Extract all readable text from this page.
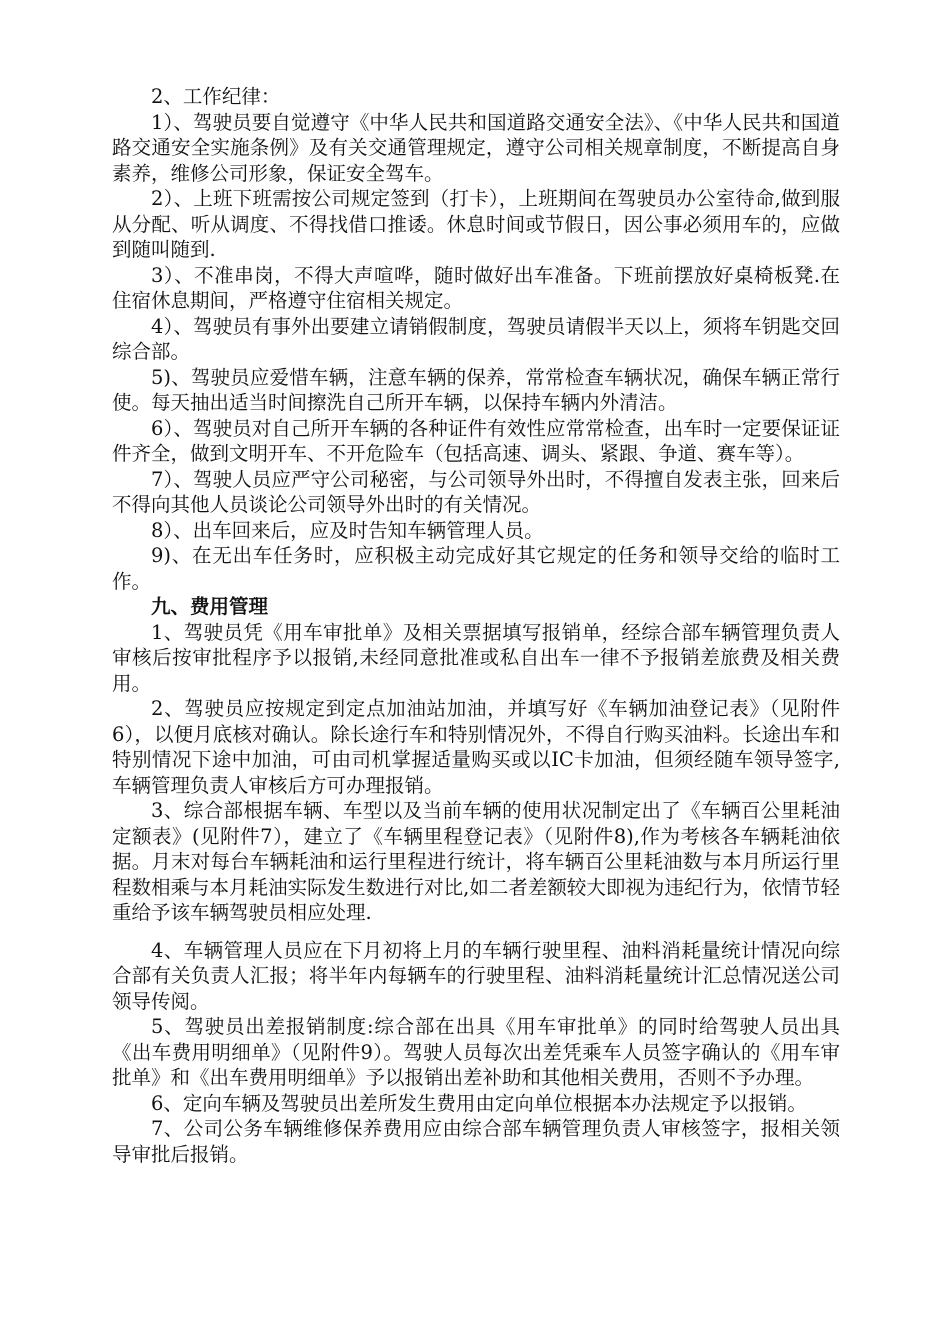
2、工作纪律：

1）、驾驶员要自觉遵守《中华人民共和国道路交通安全法》、《中华人民共和国道路交通安全实施条例》及有关交通管理规定，遵守公司相关规章制度，不断提高自身素养，维修公司形象，保证安全驾车。

2）、上班下班需按公司规定签到（打卡），上班期间在驾驶员办公室待命,做到服从分配、听从调度、不得找借口推诿。休息时间或节假日，因公事必须用车的，应做到随叫随到.

3）、不准串岗，不得大声喧哗，随时做好出车准备。下班前摆放好桌椅板凳.在住宿休息期间，严格遵守住宿相关规定。

4）、驾驶员有事外出要建立请销假制度，驾驶员请假半天以上，须将车钥匙交回综合部。

5)、驾驶员应爱惜车辆，注意车辆的保养，常常检查车辆状况，确保车辆正常行使。每天抽出适当时间擦洗自己所开车辆，以保持车辆内外清洁。

6）、驾驶员对自己所开车辆的各种证件有效性应常常检查，出车时一定要保证证件齐全，做到文明开车、不开危险车（包括高速、调头、紧跟、争道、赛车等）。

7）、驾驶人员应严守公司秘密，与公司领导外出时，不得擅自发表主张，回来后不得向其他人员谈论公司领导外出时的有关情况。

8）、出车回来后，应及时告知车辆管理人员。

9)、在无出车任务时，应积极主动完成好其它规定的任务和领导交给的临时工作。

九、费用管理

1、驾驶员凭《用车审批单》及相关票据填写报销单，经综合部车辆管理负责人审核后按审批程序予以报销,未经同意批准或私自出车一律不予报销差旅费及相关费用。

2、驾驶员应按规定到定点加油站加油，并填写好《车辆加油登记表》（见附件6），以便月底核对确认。除长途行车和特别情况外，不得自行购买油料。长途出车和特别情况下途中加油，可由司机掌握适量购买或以IC卡加油，但须经随车领导签字,车辆管理负责人审核后方可办理报销。

3、综合部根据车辆、车型以及当前车辆的使用状况制定出了《车辆百公里耗油定额表》(见附件7），建立了《车辆里程登记表》（见附件8),作为考核各车辆耗油依据。月末对每台车辆耗油和运行里程进行统计，将车辆百公里耗油数与本月所运行里程数相乘与本月耗油实际发生数进行对比,如二者差额较大即视为违纪行为，依情节轻重给予该车辆驾驶员相应处理.

4、车辆管理人员应在下月初将上月的车辆行驶里程、油料消耗量统计情况向综合部有关负责人汇报；将半年内每辆车的行驶里程、油料消耗量统计汇总情况送公司领导传阅。

5、驾驶员出差报销制度:综合部在出具《用车审批单》的同时给驾驶人员出具《出车费用明细单》（见附件9）。驾驶人员每次出差凭乘车人员签字确认的《用车审批单》和《出车费用明细单》予以报销出差补助和其他相关费用，否则不予办理。

6、定向车辆及驾驶员出差所发生费用由定向单位根据本办法规定予以报销。

7、公司公务车辆维修保养费用应由综合部车辆管理负责人审核签字，报相关领导审批后报销。
